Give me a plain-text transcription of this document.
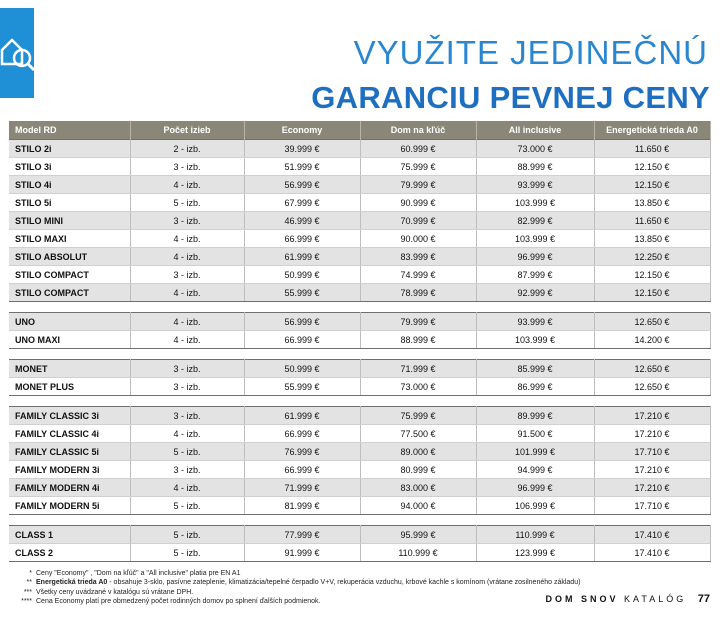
VYUŽITE JEDINEČNÚ
GARANCIU PEVNEJ CENY
Model RD	Počet izieb	Economy	Dom na kľúč	All inclusive	Energetická trieda A0
STILO 2i	2 - izb.	39.999 €	60.999 €	73.000 €	11.650 €
STILO 3i	3 - izb.	51.999 €	75.999 €	88.999 €	12.150 €
STILO 4i	4 - izb.	56.999 €	79.999 €	93.999 €	12.150 €
STILO 5i	5 - izb.	67.999 €	90.999 €	103.999 €	13.850 €
STILO MINI	3 - izb.	46.999 €	70.999 €	82.999 €	11.650 €
STILO MAXI	4 - izb.	66.999 €	90.000 €	103.999 €	13.850 €
STILO ABSOLUT	4 - izb.	61.999 €	83.999 €	96.999 €	12.250 €
STILO COMPACT	3 - izb.	50.999 €	74.999 €	87.999 €	12.150 €
STILO COMPACT	4 - izb.	55.999 €	78.999 €	92.999 €	12.150 €

UNO	4 - izb.	56.999 €	79.999 €	93.999 €	12.650 €
UNO MAXI	4 - izb.	66.999 €	88.999 €	103.999 €	14.200 €

MONET	3 - izb.	50.999 €	71.999 €	85.999 €	12.650 €
MONET PLUS	3 - izb.	55.999 €	73.000 €	86.999 €	12.650 €

FAMILY CLASSIC 3i	3 - izb.	61.999 €	75.999 €	89.999 €	17.210 €
FAMILY CLASSIC 4i	4 - izb.	66.999 €	77.500 €	91.500 €	17.210 €
FAMILY CLASSIC 5i	5 - izb.	76.999 €	89.000 €	101.999 €	17.710 €
FAMILY MODERN 3i	3 - izb.	66.999 €	80.999 €	94.999 €	17.210 €
FAMILY MODERN 4i	4 - izb.	71.999 €	83.000 €	96.999 €	17.210 €
FAMILY MODERN 5i	5 - izb.	81.999 €	94.000 €	106.999 €	17.710 €

CLASS 1	5 - izb.	77.999 €	95.999 €	110.999 €	17.410 €
CLASS 2	5 - izb.	91.999 €	110.999 €	123.999 €	17.410 €
* Ceny "Economy" , "Dom na kľúč" a "All inclusive" platia pre EN A1
** Energetická trieda A0 - obsahuje 3-sklo, pasívne zateplenie, klimatizácia/tepelné čerpadlo V+V, rekuperácia vzduchu, krbové kachle s komínom (vrátane zosilneného základu)
*** Všetky ceny uvádzané v katalógu sú vrátane DPH.
**** Cena Economy platí pre obmedzený počet rodinných domov po splnení ďalších podmienok.	DOM SNOV KATALÓG 77
